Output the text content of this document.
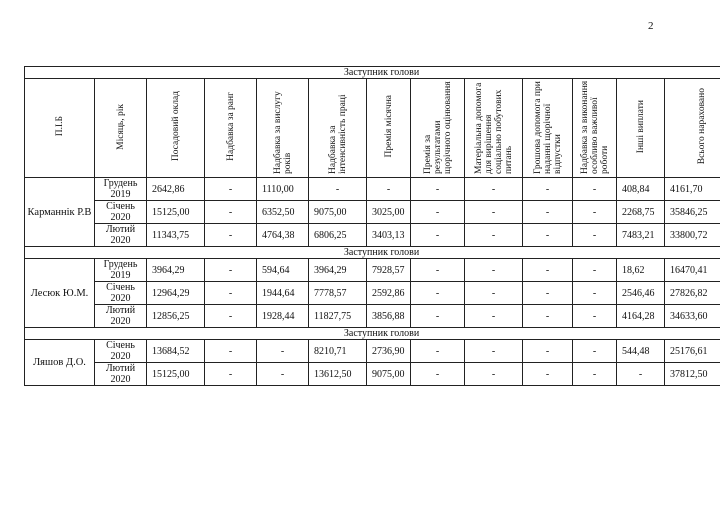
2
Заступник голови												
П.І.Б	Місяць, рік	Посадовий оклад	Надбавка за ранг	Надбавка за вислугу років	Надбавка за інтенсивність праці	Премія місячна	Премія за результатами щорічного оцінювання	Матеріальна допомога для вирішення соціально побутових питань	Грошова допомога при наданні щорічної відпустки	Надбавка за виконання особливо важливої роботи	Інші виплати	Всього нараховано
Карманнік Р.В	Грудень 2019	2642,86	-	1110,00	-	-	-	-	-	-	408,84	4161,70
	Січень 2020	15125,00	-	6352,50	9075,00	3025,00	-	-	-	-	2268,75	35846,25
	Лютий 2020	11343,75	-	4764,38	6806,25	3403,13	-	-	-	-	7483,21	33800,72
Заступник голови												
Лесюк Ю.М.	Грудень 2019	3964,29	-	594,64	3964,29	7928,57	-	-	-	-	18,62	16470,41
	Січень 2020	12964,29	-	1944,64	7778,57	2592,86	-	-	-	-	2546,46	27826,82
	Лютий 2020	12856,25	-	1928,44	11827,75	3856,88	-	-	-	-	4164,28	34633,60
Заступник голови												
Ляшов Д.О.	Січень 2020	13684,52	-	-	8210,71	2736,90	-	-	-	-	544,48	25176,61
	Лютий 2020	15125,00	-	-	13612,50	9075,00	-	-	-	-	-	37812,50
